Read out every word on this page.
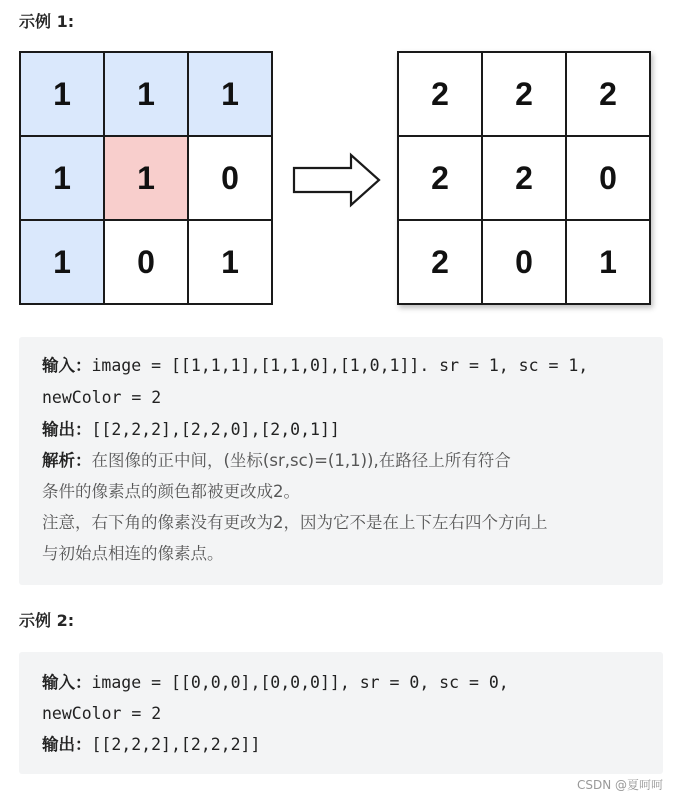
示例 1:
1	1	1
1	1	0
1	0	1
2	2	2
2	2	0
2	0	1
输入：image = [[1,1,1],[1,1,0],[1,0,1]]. sr = 1, sc = 1,
newColor = 2
输出：[[2,2,2],[2,2,0],[2,0,1]]
解析：在图像的正中间，(坐标(sr,sc)=(1,1)),在路径上所有符合
条件的像素点的颜色都被更改成2。
注意，右下角的像素没有更改为2，因为它不是在上下左右四个方向上
与初始点相连的像素点。
示例 2:
输入：image = [[0,0,0],[0,0,0]], sr = 0, sc = 0,
newColor = 2
输出：[[2,2,2],[2,2,2]]
CSDN @夏呵呵
